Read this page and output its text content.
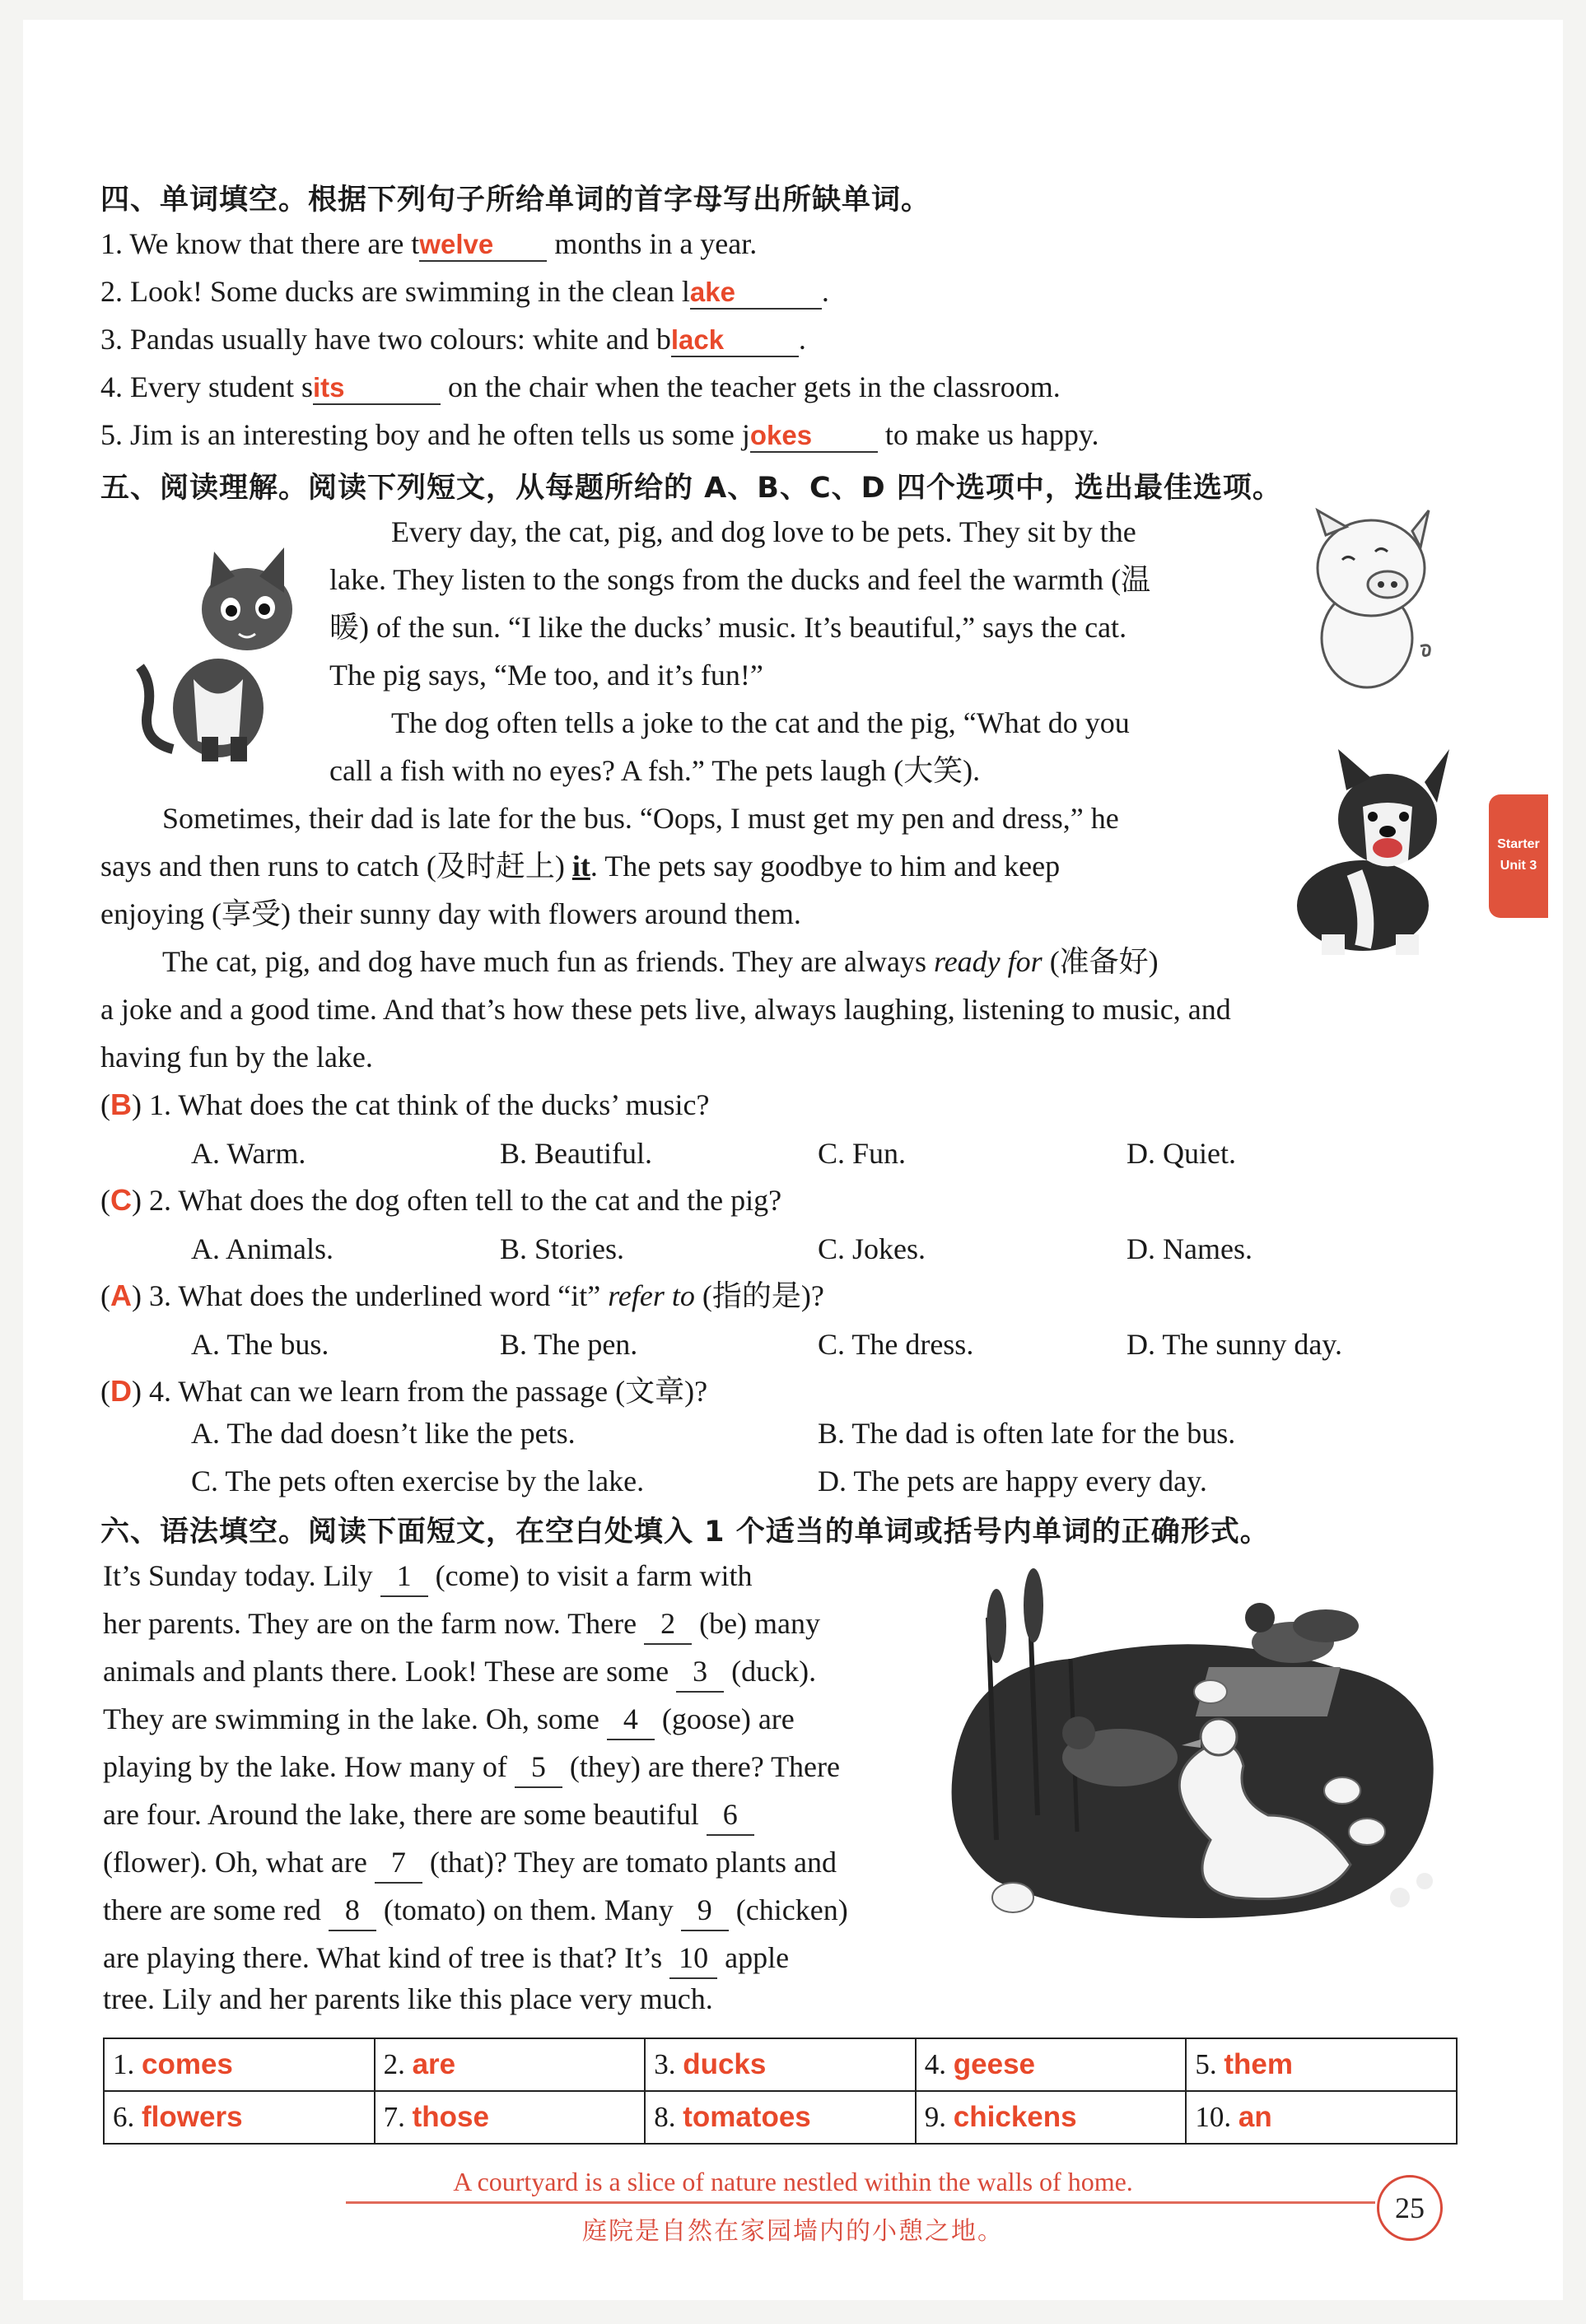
四、单词填空。根据下列句子所给单词的首字母写出所缺单词。
1. We know that there are twelve months in a year.
2. Look! Some ducks are swimming in the clean lake	.
3. Pandas usually have two colours: white and black	.
4. Every student sits	on the chair when the teacher gets in the classroom.
5. Jim is an interesting boy and he often tells us some jokes to make us happy.
五、阅读理解。阅读下列短文，从每题所给的 A、B、C、D 四个选项中，选出最佳选项。
Every day, the cat, pig, and dog love to be pets. They sit by the
lake. They listen to the songs from the ducks and feel the warmth (温
暖) of the sun. “I like the ducks’ music. It’s beautiful,” says the cat.
The pig says, “Me too, and it’s fun!”
The dog often tells a joke to the cat and the pig, “What do you
call a fish with no eyes? A fsh.” The pets laugh (大笑).
Sometimes, their dad is late for the bus. “Oops, I must get my pen and dress,” he
says and then runs to catch (及时赶上) it. The pets say goodbye to him and keep
enjoying (享受) their sunny day with flowers around them.
The cat, pig, and dog have much fun as friends. They are always ready for (准备好)
a joke and a good time. And that’s how these pets live, always laughing, listening to music, and
having fun by the lake.
(B) 1. What does the cat think of the ducks’ music?
A. Warm.	B. Beautiful.	C. Fun.	D. Quiet.
(C) 2. What does the dog often tell to the cat and the pig?
A. Animals.	B. Stories.	C. Jokes.	D. Names.
(A) 3. What does the underlined word “it” refer to (指的是)?
A. The bus.	B. The pen.	C. The dress.	D. The sunny day.
(D) 4. What can we learn from the passage (文章)?
A. The dad doesn’t like the pets.	B. The dad is often late for the bus.
C. The pets often exercise by the lake.	D. The pets are happy every day.
六、语法填空。阅读下面短文，在空白处填入 1 个适当的单词或括号内单词的正确形式。
It’s Sunday today. Lily 1 (come) to visit a farm with
her parents. They are on the farm now. There 2 (be) many
animals and plants there. Look! These are some 3 (duck).
They are swimming in the lake. Oh, some 4 (goose) are
playing by the lake. How many of 5 (they) are there? There
are four. Around the lake, there are some beautiful 6
(flower). Oh, what are 7 (that)? They are tomato plants and
there are some red 8 (tomato) on them. Many 9 (chicken)
are playing there. What kind of tree is that? It’s 10 apple
tree. Lily and her parents like this place very much.
1. comes	2. are	3. ducks	4. geese	5. them
6. flowers	7. those	8. tomatoes	9. chickens	10. an
Starter
Unit 3
A courtyard is a slice of nature nestled within the walls of home.
庭院是自然在家园墙内的小憩之地。
25
